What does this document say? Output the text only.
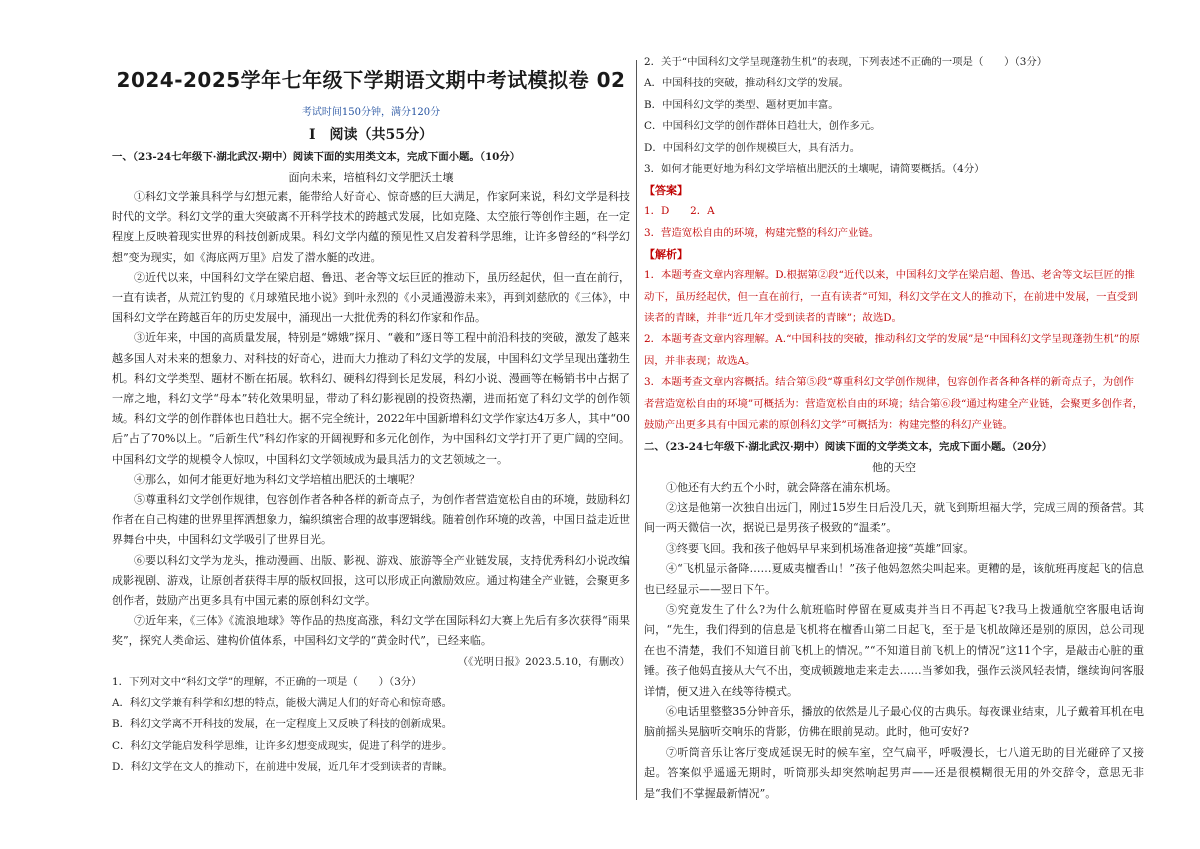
2024-2025学年七年级下学期语文期中考试模拟卷 02
考试时间150分钟，满分120分
Ⅰ　阅读（共55分）
一、（23-24七年级下·湖北武汉·期中）阅读下面的实用类文本，完成下面小题。（10分）
面向未来，培植科幻文学肥沃土壤

①科幻文学兼具科学与幻想元素，能带给人好奇心、惊奇感的巨大满足，作家阿来说，科幻文学是科技时代的文学。科幻文学的重大突破离不开科学技术的跨越式发展，比如克隆、太空旅行等创作主题，在一定程度上反映着现实世界的科技创新成果。科幻文学内蕴的预见性又启发着科学思维，让许多曾经的“科学幻想”变为现实，如《海底两万里》启发了潜水艇的改进。

②近代以来，中国科幻文学在梁启超、鲁迅、老舍等文坛巨匠的推动下，虽历经起伏，但一直在前行，一直有读者，从荒江钓叟的《月球殖民地小说》到叶永烈的《小灵通漫游未来》，再到刘慈欣的《三体》，中国科幻文学在跨越百年的历史发展中，涌现出一大批优秀的科幻作家和作品。

③近年来，中国的高质量发展，特别是“嫦娥”探月、“羲和”逐日等工程中前沿科技的突破，激发了越来越多国人对未来的想象力、对科技的好奇心，进而大力推动了科幻文学的发展，中国科幻文学呈现出蓬勃生机。科幻文学类型、题材不断在拓展。软科幻、硬科幻得到长足发展，科幻小说、漫画等在畅销书中占据了一席之地，科幻文学“母本”转化效果明显，带动了科幻影视剧的投资热潮，进而拓宽了科幻文学的创作领域。科幻文学的创作群体也日趋壮大。据不完全统计，2022年中国新增科幻文学作家达4万多人，其中“00后”占了70%以上。“后新生代”科幻作家的开阔视野和多元化创作，为中国科幻文学打开了更广阔的空间。中国科幻文学的规模令人惊叹，中国科幻文学领域成为最具活力的文艺领域之一。

④那么，如何才能更好地为科幻文学培植出肥沃的土壤呢？

⑤尊重科幻文学创作规律，包容创作者各种各样的新奇点子，为创作者营造宽松自由的环境，鼓励科幻作者在自己构建的世界里挥洒想象力，编织缜密合理的故事逻辑线。随着创作环境的改善，中国日益走近世界舞台中央，中国科幻文学吸引了世界目光。

⑥要以科幻文学为龙头，推动漫画、出版、影视、游戏、旅游等全产业链发展，支持优秀科幻小说改编成影视剧、游戏，让原创者获得丰厚的版权回报，这可以形成正向激励效应。通过构建全产业链，会聚更多创作者，鼓励产出更多具有中国元素的原创科幻文学。

⑦近年来，《三体》《流浪地球》等作品的热度高涨，科幻文学在国际科幻大赛上先后有多次获得“雨果奖”，探究人类命运、建构价值体系，中国科幻文学的“黄金时代”，已经来临。

（《光明日报》2023.5.10，有删改）

1．下列对文中“科幻文学”的理解，不正确的一项是（　　）（3分）

A．科幻文学兼有科学和幻想的特点，能极大满足人们的好奇心和惊奇感。

B．科幻文学离不开科技的发展，在一定程度上又反映了科技的创新成果。

C．科幻文学能启发科学思维，让许多幻想变成现实，促进了科学的进步。

D．科幻文学在文人的推动下，在前进中发展，近几年才受到读者的青睐。

2．关于“中国科幻文学呈现蓬勃生机”的表现，下列表述不正确的一项是（　　）（3分）

A．中国科技的突破，推动科幻文学的发展。

B．中国科幻文学的类型、题材更加丰富。

C．中国科幻文学的创作群体日趋壮大，创作多元。

D．中国科幻文学的创作规模巨大，具有活力。

3．如何才能更好地为科幻文学培植出肥沃的土壤呢，请简要概括。（4分）

【答案】

1．D　　2．A

3．营造宽松自由的环境，构建完整的科幻产业链。

【解析】

1．本题考查文章内容理解。D.根据第②段“近代以来，中国科幻文学在梁启超、鲁迅、老舍等文坛巨匠的推动下，虽历经起伏，但一直在前行，一直有读者”可知，科幻文学在文人的推动下，在前进中发展，一直受到读者的青睐，并非“近几年才受到读者的青睐”；故选D。

2．本题考查文章内容理解。A.“中国科技的突破，推动科幻文学的发展”是“中国科幻文学呈现蓬勃生机”的原因，并非表现；故选A。

3．本题考查文章内容概括。结合第⑤段“尊重科幻文学创作规律，包容创作者各种各样的新奇点子，为创作者营造宽松自由的环境”可概括为：营造宽松自由的环境；结合第⑥段“通过构建全产业链，会聚更多创作者，鼓励产出更多具有中国元素的原创科幻文学”可概括为：构建完整的科幻产业链。

二、（23-24七年级下·湖北武汉·期中）阅读下面的文学类文本，完成下面小题。（20分）

他的天空

①他还有大约五个小时，就会降落在浦东机场。

②这是他第一次独自出远门，刚过15岁生日后没几天，就飞到斯坦福大学，完成三周的预备营。其间一两天微信一次，据说已是男孩子极致的“温柔”。

③终要飞回。我和孩子他妈早早来到机场准备迎接“英雄”回家。

④“飞机显示备降……夏威夷檀香山！”孩子他妈忽然尖叫起来。更糟的是，该航班再度起飞的信息也已经显示——翌日下午。

⑤究竟发生了什么?为什么航班临时停留在夏威夷并当日不再起飞?我马上拨通航空客服电话询问，“先生，我们得到的信息是飞机将在檀香山第二日起飞，至于是飞机故障还是别的原因，总公司现在也不清楚，我们不知道目前飞机上的情况。”“不知道目前飞机上的情况”这11个字，是敲击心脏的重锤。孩子他妈直接从大气不出，变成顿踱地走来走去……当爹如我，强作云淡风轻表情，继续询问客服详情，便又进入在线等待模式。

⑥电话里整整35分钟音乐，播放的依然是儿子最心仪的古典乐。每夜课业结束，儿子戴着耳机在电脑前摇头晃脑听交响乐的背影，仿佛在眼前晃动。此时，他可安好?

⑦听筒音乐让客厅变成延误无时的候车室，空气扁平，呼吸漫长，七八道无助的目光碰碎了又接起。答案似乎遥遥无期时，听筒那头却突然响起男声——还是很模糊很无用的外交辞令，意思无非是“我们不掌握最新情况”。
